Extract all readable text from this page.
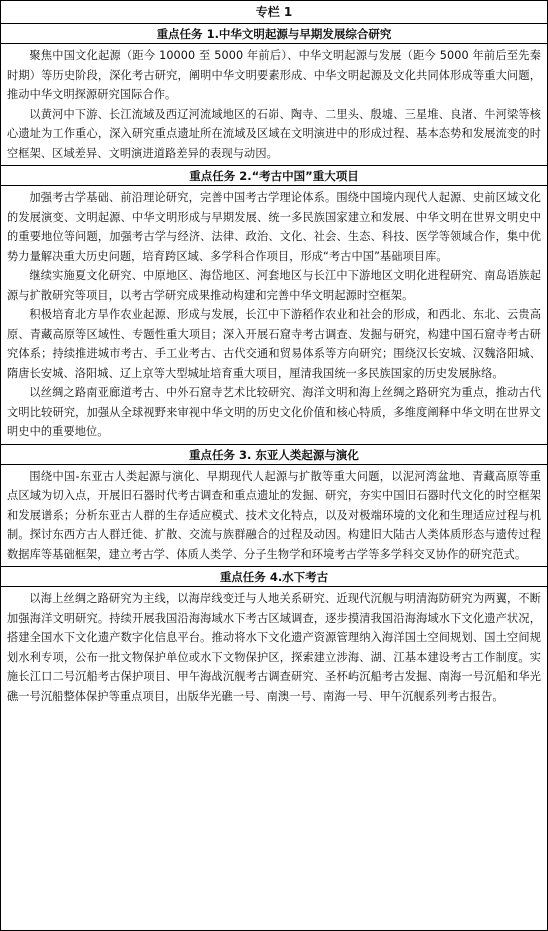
专栏 1
重点任务 1.中华文明起源与早期发展综合研究

聚焦中国文化起源（距今 10000 至 5000 年前后）、中华文明起源与发展（距今 5000 年前后至先秦时期）等历史阶段，深化考古研究，阐明中华文明要素形成、中华文明起源及文化共同体形成等重大问题，推动中华文明探源研究国际合作。

以黄河中下游、长江流域及西辽河流域地区的石峁、陶寺、二里头、殷墟、三星堆、良渚、牛河梁等核心遗址为工作重心，深入研究重点遗址所在流域及区域在文明演进中的形成过程、基本态势和发展流变的时空框架、区域差异、文明演进道路差异的表现与动因。

重点任务 2.“考古中国”重大项目

加强考古学基础、前沿理论研究，完善中国考古学理论体系。围绕中国境内现代人起源、史前区域文化的发展演变、文明起源、中华文明形成与早期发展、统一多民族国家建立和发展、中华文明在世界文明史中的重要地位等问题，加强考古学与经济、法律、政治、文化、社会、生态、科技、医学等领域合作，集中优势力量解决重大历史问题，培育跨区域、多学科合作项目，形成“考古中国”基础项目库。

继续实施夏文化研究、中原地区、海岱地区、河套地区与长江中下游地区文明化进程研究、南岛语族起源与扩散研究等项目，以考古学研究成果推动构建和完善中华文明起源时空框架。

积极培育北方旱作农业起源、形成与发展，长江中下游稻作农业和社会的形成，和西北、东北、云贵高原、青藏高原等区域性、专题性重大项目；深入开展石窟寺考古调查、发掘与研究，构建中国石窟寺考古研究体系；持续推进城市考古、手工业考古、古代交通和贸易体系等方向研究；围绕汉长安城、汉魏洛阳城、隋唐长安城、洛阳城、辽上京等大型城址培育重大项目，厘清我国统一多民族国家的历史发展脉络。

以丝绸之路南亚廊道考古、中外石窟寺艺术比较研究、海洋文明和海上丝绸之路研究为重点，推动古代文明比较研究，加强从全球视野来审视中华文明的历史文化价值和核心特质，多维度阐释中华文明在世界文明史中的重要地位。

重点任务 3. 东亚人类起源与演化

围绕中国-东亚古人类起源与演化、早期现代人起源与扩散等重大问题，以泥河湾盆地、青藏高原等重点区域为切入点，开展旧石器时代考古调查和重点遗址的发掘、研究，夯实中国旧石器时代文化的时空框架和发展谱系；分析东亚古人群的生存适应模式、技术文化特点，以及对极端环境的文化和生理适应过程与机制。探讨东西方古人群迁徙、扩散、交流与族群融合的过程及动因。构建旧大陆古人类体质形态与遗传过程数据库等基础框架，建立考古学、体质人类学、分子生物学和环境考古学等多学科交叉协作的研究范式。

重点任务 4.水下考古

以海上丝绸之路研究为主线，以海岸线变迁与人地关系研究、近现代沉舰与明清海防研究为两翼，不断加强海洋文明研究。持续开展我国沿海海域水下考古区域调查，逐步摸清我国沿海海域水下文化遗产状况，搭建全国水下文化遗产数字化信息平台。推动将水下文化遗产资源管理纳入海洋国土空间规划、国土空间规划水利专项，公布一批文物保护单位或水下文物保护区，探索建立涉海、湖、江基本建设考古工作制度。实施长江口二号沉船考古保护项目、甲午海战沉舰考古调查研究、圣杯屿沉船考古发掘、南海一号沉船和华光礁一号沉船整体保护等重点项目，出版华光礁一号、南澳一号、南海一号、甲午沉舰系列考古报告。
